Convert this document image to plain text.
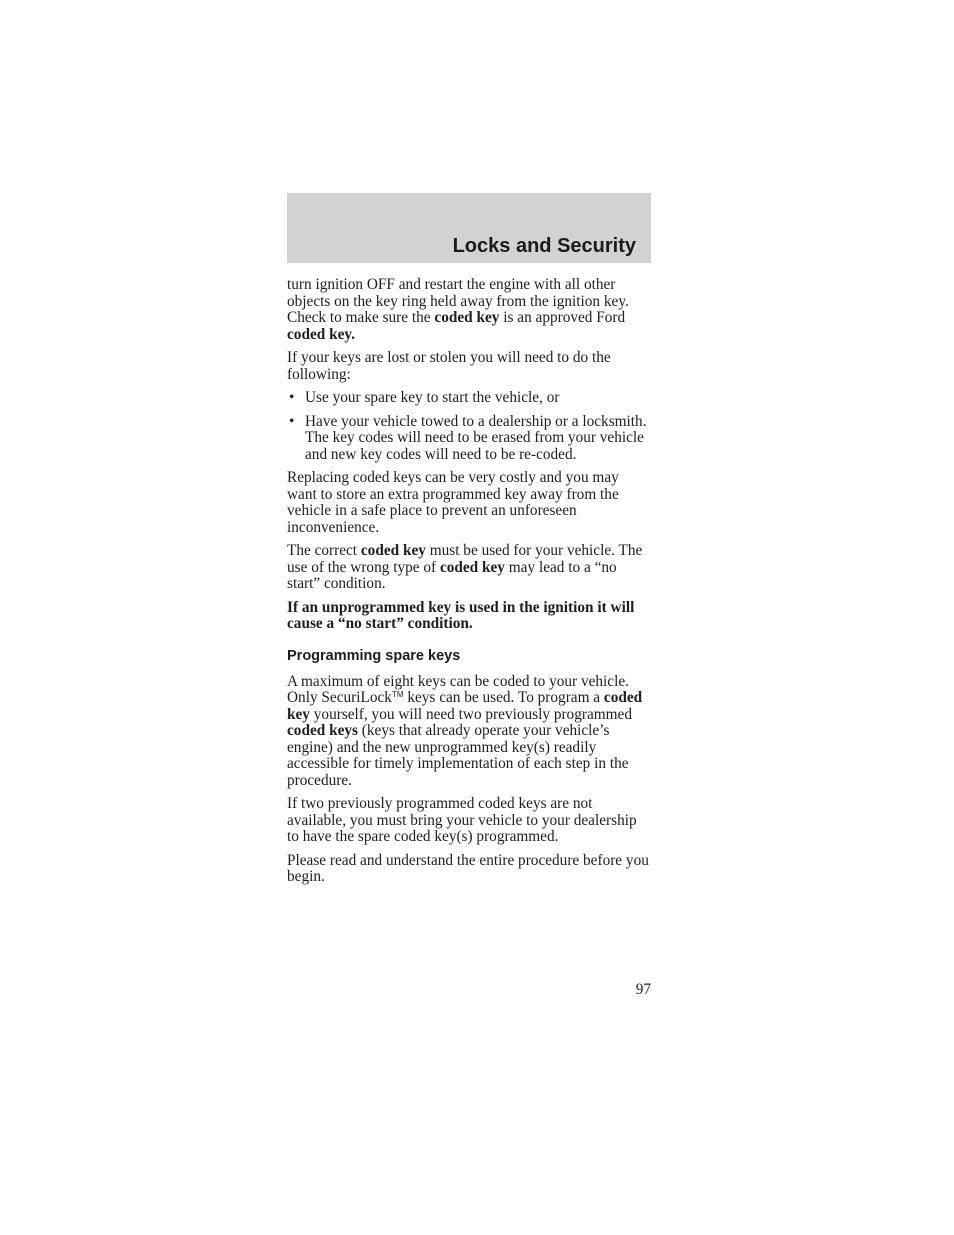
Locks and Security

turn ignition OFF and restart the engine with all other objects on the key ring held away from the ignition key. Check to make sure the coded key is an approved Ford coded key.

If your keys are lost or stolen you will need to do the following:

• Use your spare key to start the vehicle, or
• Have your vehicle towed to a dealership or a locksmith. The key codes will need to be erased from your vehicle and new key codes will need to be re-coded.

Replacing coded keys can be very costly and you may want to store an extra programmed key away from the vehicle in a safe place to prevent an unforeseen inconvenience.

The correct coded key must be used for your vehicle. The use of the wrong type of coded key may lead to a “no start” condition.

If an unprogrammed key is used in the ignition it will cause a “no start” condition.

Programming spare keys

A maximum of eight keys can be coded to your vehicle. Only SecuriLock™ keys can be used. To program a coded key yourself, you will need two previously programmed coded keys (keys that already operate your vehicle’s engine) and the new unprogrammed key(s) readily accessible for timely implementation of each step in the procedure.

If two previously programmed coded keys are not available, you must bring your vehicle to your dealership to have the spare coded key(s) programmed.

Please read and understand the entire procedure before you begin.

97
